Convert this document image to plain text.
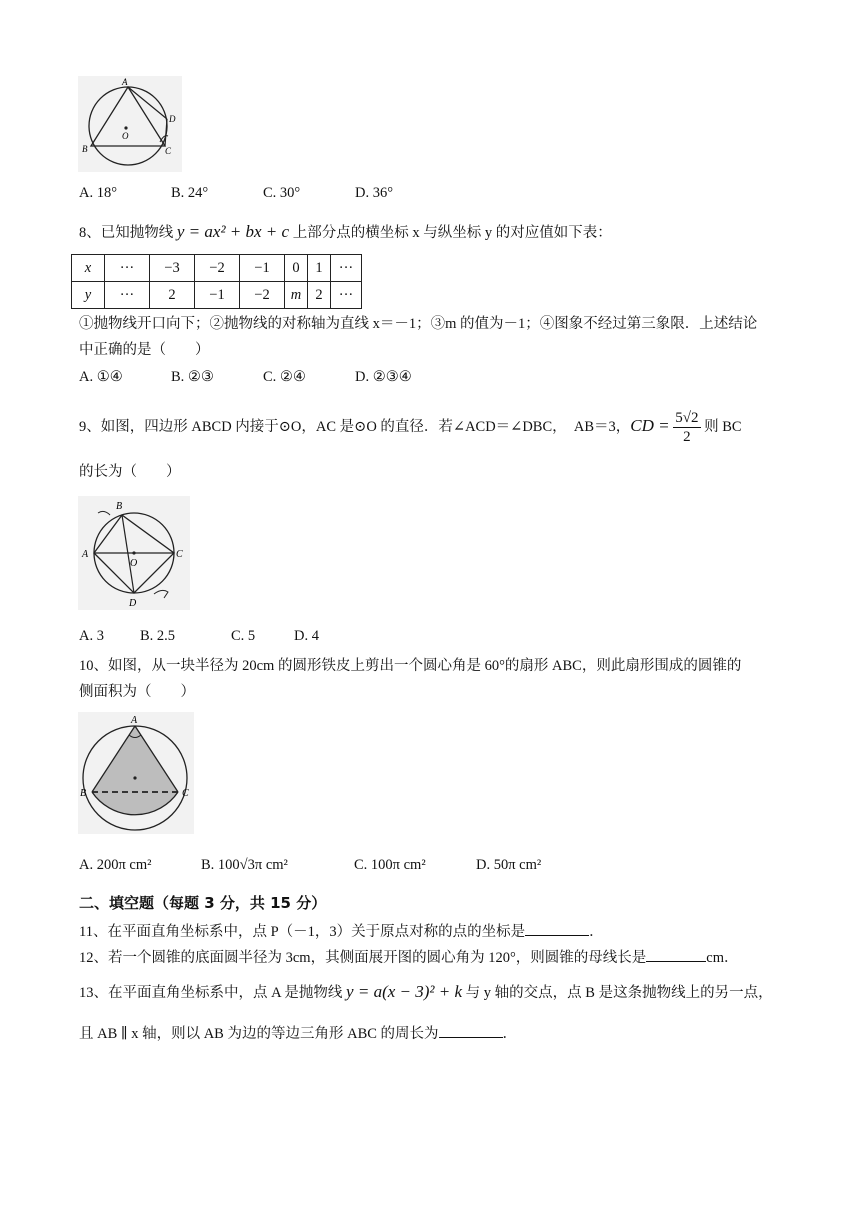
A
B	C
D
O
A. 18°	B. 24°	C. 30°	D. 36°
8、已知抛物线 y = ax² + bx + c 上部分点的横坐标 x 与纵坐标 y 的对应值如下表：
x	···	−3	−2	−1	0	1	···
y	···	2	−1	−2	m	2	···
①抛物线开口向下；②抛物线的对称轴为直线 x＝－1；③m 的值为－1；④图象不经过第三象限．上述结论
中正确的是（　　）
A. ①④	B. ②③	C. ②④	D. ②③④
9、如图，四边形 ABCD 内接于⊙O，AC 是⊙O 的直径．若∠ACD＝∠DBC，　AB＝3，CD = $\frac{5√2}{2}$ 则 BC
的长为（　　）
A
B
C
D
O
A. 3 B. 2.5	C. 5	D. 4
10、如图，从一块半径为 20cm 的圆形铁皮上剪出一个圆心角是 60°的扇形 ABC，则此扇形围成的圆锥的
侧面积为（　　）
A
B	C
A. 200π cm²	B. 100√3π cm²	C. 100π cm²	D. 50π cm²
二、填空题（每题 3 分，共 15 分）
11、在平面直角坐标系中，点 P（－1，3）关于原点对称的点的坐标是	．
12、若一个圆锥的底面圆半径为 3cm，其侧面展开图的圆心角为 120°，则圆锥的母线长是	cm．
13、在平面直角坐标系中，点 A 是抛物线 y = a(x − 3)² + k 与 y 轴的交点，点 B 是这条抛物线上的另一点，
且 AB ∥ x 轴，则以 AB 为边的等边三角形 ABC 的周长为	．
